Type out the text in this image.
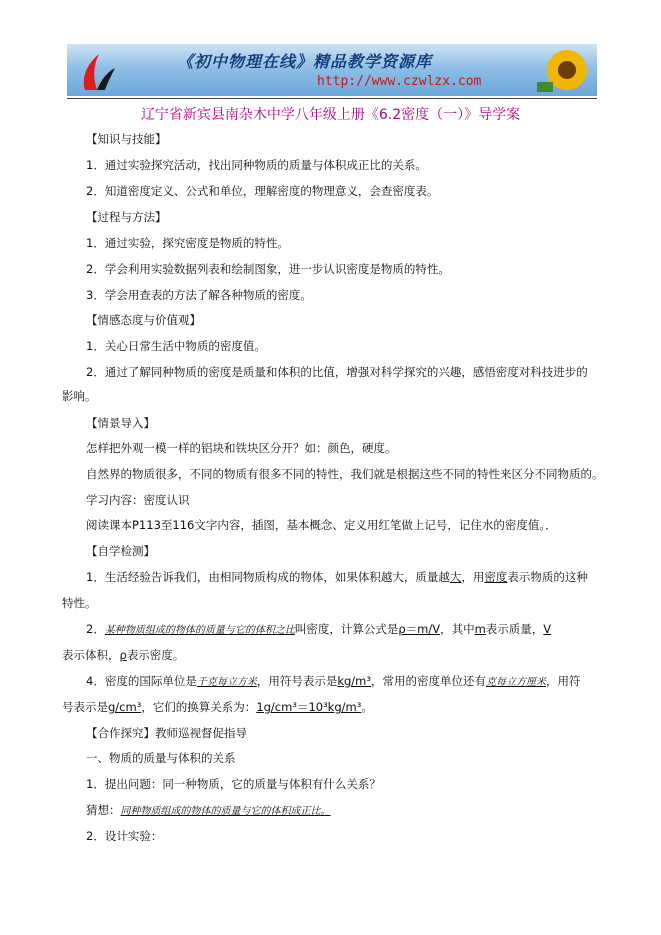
《初中物理在线》精品教学资源库
http://www.czwlzx.com
辽宁省新宾县南杂木中学八年级上册《6.2密度（一）》导学案
【知识与技能】
1．通过实验探究活动，找出同种物质的质量与体积成正比的关系。
2．知道密度定义、公式和单位，理解密度的物理意义，会查密度表。
【过程与方法】
1．通过实验，探究密度是物质的特性。
2．学会利用实验数据列表和绘制图象，进一步认识密度是物质的特性。
3．学会用查表的方法了解各种物质的密度。
【情感态度与价值观】
1．关心日常生活中物质的密度值。
2．通过了解同种物质的密度是质量和体积的比值，增强对科学探究的兴趣，感悟密度对科技进步的
影响。
【情景导入】
怎样把外观一模一样的铝块和铁块区分开？如：颜色，硬度。
自然界的物质很多，不同的物质有很多不同的特性，我们就是根据这些不同的特性来区分不同物质的。
学习内容：密度认识
阅读课本P113至116文字内容，插图，基本概念、定义用红笔做上记号，记住水的密度值。．
【自学检测】
1．生活经验告诉我们，由相同物质构成的物体，如果体积越大，质量越大，用密度表示物质的这种
特性。
2．某种物质组成的物体的质量与它的体积之比叫密度，计算公式是ρ＝m/V，其中m表示质量，V
表示体积，ρ表示密度。
4．密度的国际单位是千克每立方米，用符号表示是kg/m³，常用的密度单位还有克每立方厘米，用符
号表示是g/cm³，它们的换算关系为：1g/cm³＝10³kg/m³。
【合作探究】教师巡视督促指导
一、物质的质量与体积的关系
1．提出问题：同一种物质，它的质量与体积有什么关系？
猜想：同种物质组成的物体的质量与它的体积成正比。
2．设计实验：
